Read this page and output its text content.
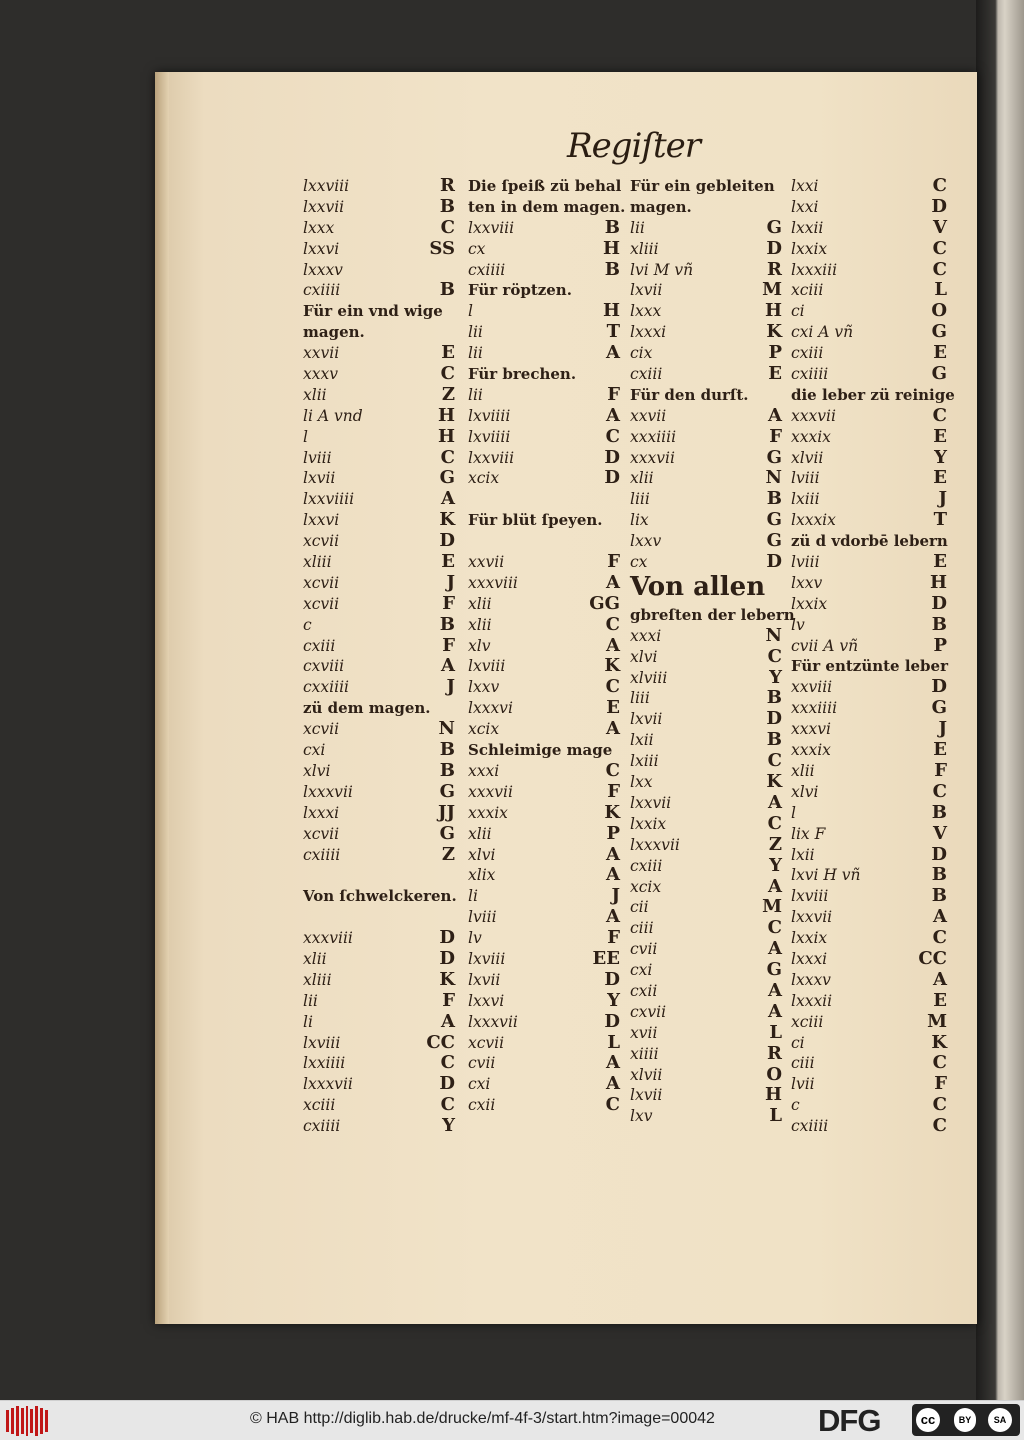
Regiſter
lxxviii	R
lxxvii	B
lxxx	C
lxxvi	SS
lxxxv
cxiiii	B
Für ein vnd wige
magen.
xxvii	E
xxxv	C
xlii	Z
li A vnd	H
l	H
lviii	C
lxvii	G
lxxviiii	A
lxxvi	K
xcvii	D
xliii	E
xcvii	J
xcvii	F
c	B
cxiii	F
cxviii	A
cxxiiii	J
zü dem magen.
xcvii	N
cxi	B
xlvi	B
lxxxvii	G
lxxxi	JJ
xcvii	G
cxiiii	Z
Von ſchwelckeren.
xxxviii	D
xlii	D
xliii	K
lii	F
li	A
lxviii	CC
lxxiiii	C
lxxxvii	D
xciii	C
cxiiii	Y
Die ſpeiß zü behal
ten in dem magen.
lxxviii	B
cx	H
cxiiii	B
Für röptzen.
l	H
lii	T
lii	A
Für brechen.
lii	F
lxviiii	A
lxviiii	C
lxxviii	D
xcix	D
Für blüt ſpeyen.
xxvii	F
xxxviii	A
xlii	GG
xlii	C
xlv	A
lxviii	K
lxxv	C
lxxxvi	E
xcix	A
Schleimige mage
xxxi	C
xxxvii	F
xxxix	K
xlii	P
xlvi	A
xlix	A
li	J
lviii	A
lv	F
lxviii	EE
lxvii	D
lxxvi	Y
lxxxvii	D
xcvii	L
cvii	A
cxi	A
cxii	C
Für ein gebleiten
magen.
lii	G
xliii	D
lvi M vñ	R
lxvii	M
lxxx	H
lxxxi	K
cix	P
cxiii	E
Für den durſt.
xxvii	A
xxxiiii	F
xxxvii	G
xlii	N
liii	B
lix	G
lxxv	G
cx	D
Von allen
gbreſten der lebern
xxxi	N
xlvi	C
xlviii	Y
liii	B
lxvii	D
lxii	B
lxiii	C
lxx	K
lxxvii	A
lxxix	C
lxxxvii	Z
cxiii	Y
xcix	A
cii	M
ciii	C
cvii	A
cxi	G
cxii	A
cxvii	A
xvii	L
xiiii	R
xlvii	O
lxvii	H
lxv	L
lxxi	C
lxxi	D
lxxii	V
lxxix	C
lxxxiii	C
xciii	L
ci	O
cxi A vñ	G
cxiii	E
cxiiii	G
die leber zü reinige
xxxvii	C
xxxix	E
xlvii	Y
lviii	E
lxiii	J
lxxxix	T
zü d vdorbē lebern
lviii	E
lxxv	H
lxxix	D
lv	B
cvii A vñ	P
Für entzünte leber
xxviii	D
xxxiiii	G
xxxvi	J
xxxix	E
xlii	F
xlvi	C
l	B
lix F	V
lxii	D
lxvi H vñ	B
lxviii	B
lxxvii	A
lxxix	C
lxxxi	CC
lxxxv	A
lxxxii	E
xciii	M
ci	K
ciii	C
lvii	F
c	C
cxiiii	C
© HAB http://diglib.hab.de/drucke/mf-4f-3/start.htm?image=00042	DFG	cc	BY	SA
